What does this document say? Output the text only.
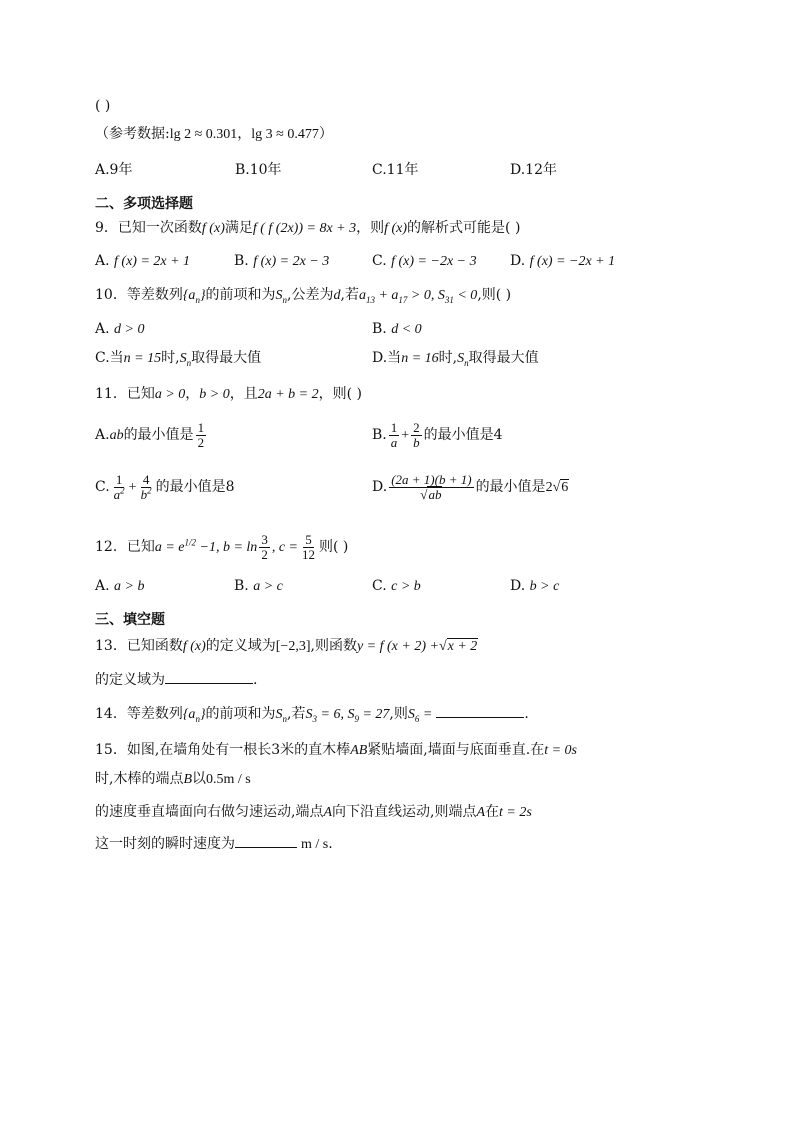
( )
（参考数据:lg 2 ≈ 0.301，lg 3 ≈ 0.477）
A.9年	B.10年	C.11年	D.12年
二、多项选择题
9．已知一次函数f (x)满足f ( f (2x)) = 8x + 3，则f (x)的解析式可能是( )
A. f (x) = 2x + 1	B. f (x) = 2x − 3	C. f (x) = −2x − 3 D. f (x) = −2x + 1
10．等差数列$\{a_n\}$的前项和为$S_n$,公差为d,若$a_{13} + a_{17} > 0$, $S_{31} < 0$,则( )
A. d > 0	B. d < 0
C.当n = 15时$,S_n$取得最大值	D.当n = 16时$,S_n$取得最大值
11．已知a > 0，b > 0，且2a + b = 2，则( )
A.ab的最小值是 $\frac{1}{2}$	B. $\frac{1}{a} + \frac{2}{b}$ 的最小值是4
C. $\frac{1}{a^2} + \frac{4}{b^2}$ 的最小值是8	D. $\frac{(2a + 1)(b + 1)}{√ab}$ 的最小值是2√6
12．已知$a = e^{1/2} -1$, $b = \ln \frac{3}{2}$ , $c = \frac{5}{12}$ 则( )
A. a > b	B. a > c	C. c > b	D. b > c
三、填空题
13．已知函数f (x)的定义域为[−2,3],则函数y = f (x + 2) +√x + 2
的定义域为	.
14．等差数列$\{a_n\}$的前项和为$S_n$,若$S_3 = 6$, $S_9 = 27$,则$S_6$ =	.
15．如图,在墙角处有一根长3米的直木棒AB紧贴墙面,墙面与底面垂直.在t = 0s
时,木棒的端点B以0.5m / s
的速度垂直墙面向右做匀速运动,端点A向下沿直线运动,则端点A在t = 2s
这一时刻的瞬时速度为	m / s.
